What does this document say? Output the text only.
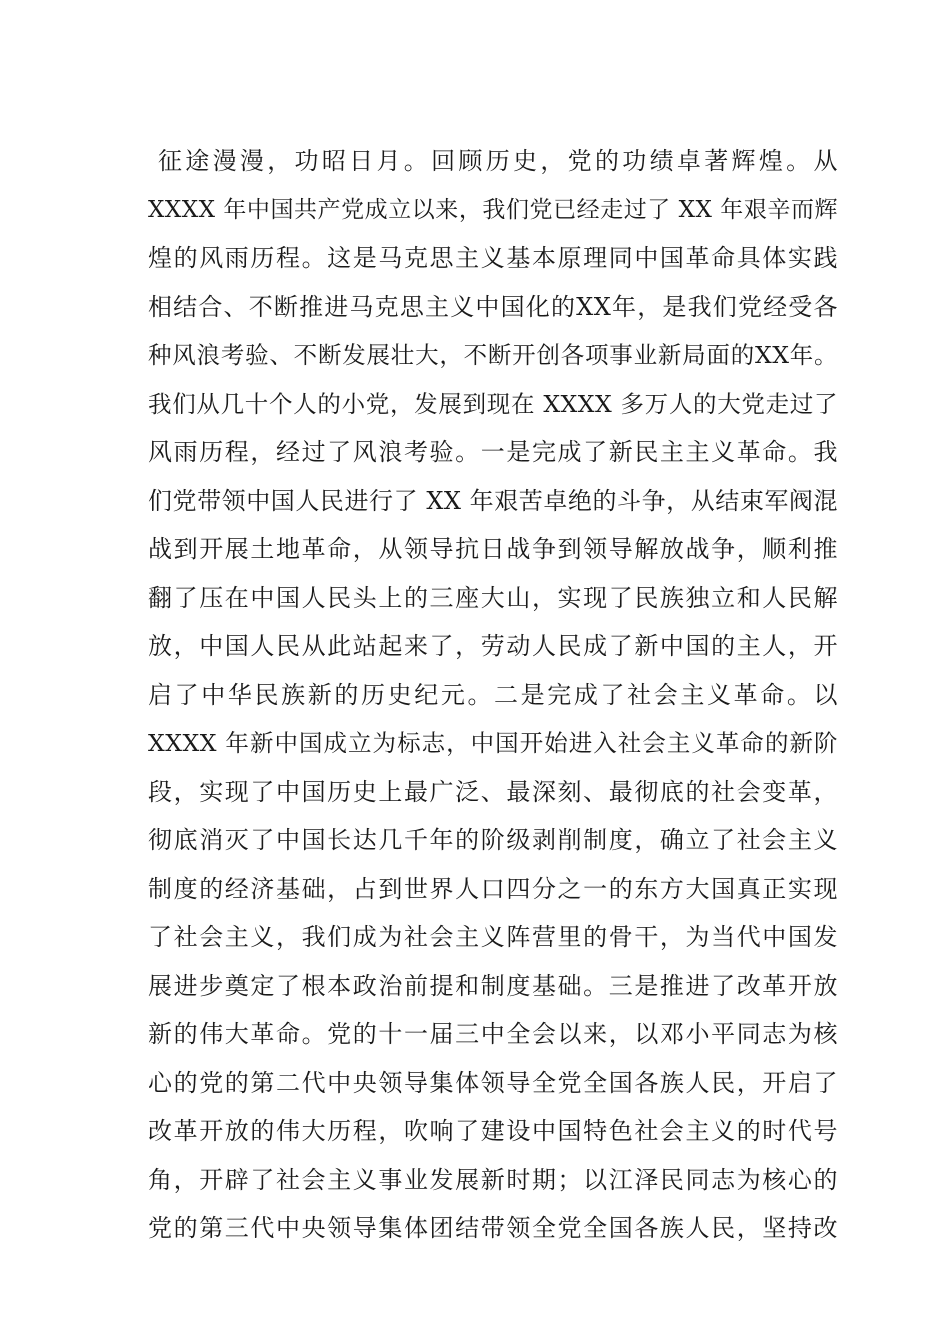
征途漫漫，功昭日月。回顾历史，党的功绩卓著辉煌。从
XXXX 年中国共产党成立以来，我们党已经走过了 XX 年艰辛而辉
煌的风雨历程。这是马克思主义基本原理同中国革命具体实践
相结合、不断推进马克思主义中国化的XX年，是我们党经受各
种风浪考验、不断发展壮大，不断开创各项事业新局面的XX年。
我们从几十个人的小党，发展到现在 XXXX 多万人的大党走过了
风雨历程，经过了风浪考验。一是完成了新民主主义革命。我
们党带领中国人民进行了 XX 年艰苦卓绝的斗争，从结束军阀混
战到开展土地革命，从领导抗日战争到领导解放战争，顺利推
翻了压在中国人民头上的三座大山，实现了民族独立和人民解
放，中国人民从此站起来了，劳动人民成了新中国的主人，开
启了中华民族新的历史纪元。二是完成了社会主义革命。以
XXXX 年新中国成立为标志，中国开始进入社会主义革命的新阶
段，实现了中国历史上最广泛、最深刻、最彻底的社会变革，
彻底消灭了中国长达几千年的阶级剥削制度，确立了社会主义
制度的经济基础，占到世界人口四分之一的东方大国真正实现
了社会主义，我们成为社会主义阵营里的骨干，为当代中国发
展进步奠定了根本政治前提和制度基础。三是推进了改革开放
新的伟大革命。党的十一届三中全会以来，以邓小平同志为核
心的党的第二代中央领导集体领导全党全国各族人民，开启了
改革开放的伟大历程，吹响了建设中国特色社会主义的时代号
角，开辟了社会主义事业发展新时期；以江泽民同志为核心的
党的第三代中央领导集体团结带领全党全国各族人民，坚持改
